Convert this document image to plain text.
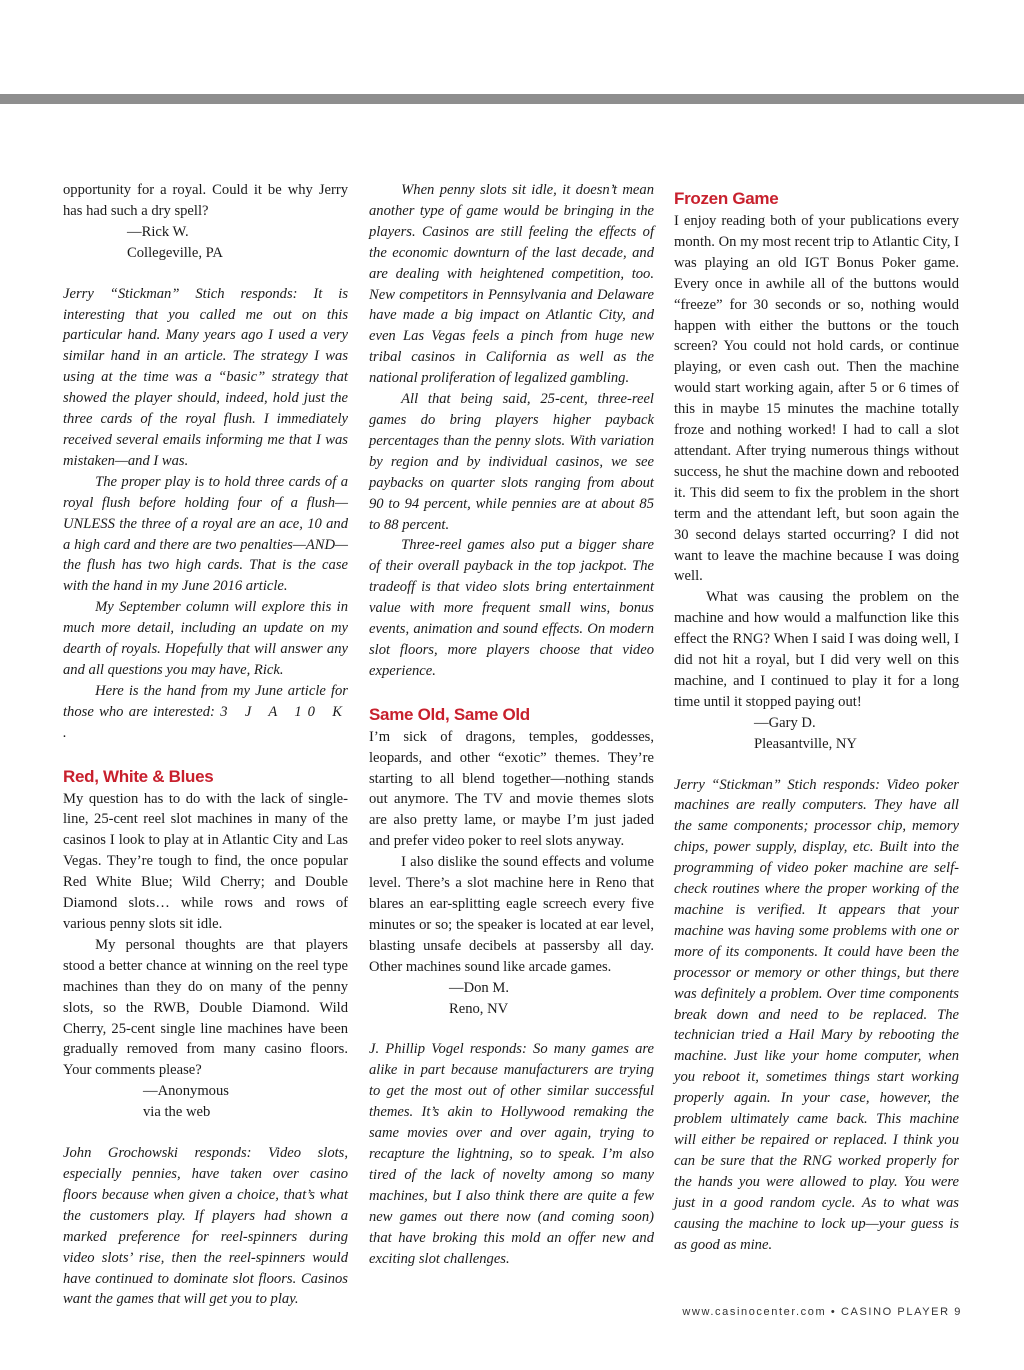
opportunity for a royal. Could it be why Jerry has had such a dry spell?

—Rick W.

Collegeville, PA

Jerry “Stickman” Stich responds: It is interesting that you called me out on this particular hand. Many years ago I used a very similar hand in an article. The strategy I was using at the time was a “basic” strategy that showed the player should, indeed, hold just the three cards of the royal flush. I immediately received several emails informing me that I was mistaken—and I was.

The proper play is to hold three cards of a royal flush before holding four of a flush—UNLESS the three of a royal are an ace, 10 and a high card and there are two penalties—AND—the flush has two high cards. That is the case with the hand in my June 2016 article.

My September column will explore this in much more detail, including an update on my dearth of royals. Hopefully that will answer any and all questions you may have, Rick.

Here is the hand from my June article for those who are interested: 3 J A 10 K .

Red, White & Blues

My question has to do with the lack of single-line, 25-cent reel slot machines in many of the casinos I look to play at in Atlantic City and Las Vegas. They’re tough to find, the once popular Red White Blue; Wild Cherry; and Double Diamond slots… while rows and rows of various penny slots sit idle.

My personal thoughts are that players stood a better chance at winning on the reel type machines than they do on many of the penny slots, so the RWB, Double Diamond. Wild Cherry, 25-cent single line machines have been gradually removed from many casino floors. Your comments please?

—Anonymous

via the web

John Grochowski responds: Video slots, especially pennies, have taken over casino floors because when given a choice, that’s what the customers play. If players had shown a marked preference for reel-spinners during video slots’ rise, then the reel-spinners would have continued to dominate slot floors. Casinos want the games that will get you to play.

When penny slots sit idle, it doesn’t mean another type of game would be bringing in the players. Casinos are still feeling the effects of the economic downturn of the last decade, and are dealing with heightened competition, too. New competitors in Pennsylvania and Delaware have made a big impact on Atlantic City, and even Las Vegas feels a pinch from huge new tribal casinos in California as well as the national proliferation of legalized gambling.

All that being said, 25-cent, three-reel games do bring players higher payback percentages than the penny slots. With variation by region and by individual casinos, we see paybacks on quarter slots ranging from about 90 to 94 percent, while pennies are at about 85 to 88 percent.

Three-reel games also put a bigger share of their overall payback in the top jackpot. The tradeoff is that video slots bring entertainment value with more frequent small wins, bonus events, animation and sound effects. On modern slot floors, more players choose that video experience.

Same Old, Same Old

I’m sick of dragons, temples, goddesses, leopards, and other “exotic” themes. They’re starting to all blend together—nothing stands out anymore. The TV and movie themes slots are also pretty lame, or maybe I’m just jaded and prefer video poker to reel slots anyway.

I also dislike the sound effects and volume level. There’s a slot machine here in Reno that blares an ear-splitting eagle screech every five minutes or so; the speaker is located at ear level, blasting unsafe decibels at passersby all day. Other machines sound like arcade games.

—Don M.

Reno, NV

J. Phillip Vogel responds: So many games are alike in part because manufacturers are trying to get the most out of other similar successful themes. It’s akin to Hollywood remaking the same movies over and over again, trying to recapture the lightning, so to speak. I’m also tired of the lack of novelty among so many machines, but I also think there are quite a few new games out there now (and coming soon) that have broking this mold an offer new and exciting slot challenges.

Frozen Game

I enjoy reading both of your publications every month. On my most recent trip to Atlantic City, I was playing an old IGT Bonus Poker game. Every once in awhile all of the buttons would “freeze” for 30 seconds or so, nothing would happen with either the buttons or the touch screen? You could not hold cards, or continue playing, or even cash out. Then the machine would start working again, after 5 or 6 times of this in maybe 15 minutes the machine totally froze and nothing worked! I had to call a slot attendant. After trying numerous things without success, he shut the machine down and rebooted it. This did seem to fix the problem in the short term and the attendant left, but soon again the 30 second delays started occurring? I did not want to leave the machine because I was doing well.

What was causing the problem on the machine and how would a malfunction like this effect the RNG? When I said I was doing well, I did not hit a royal, but I did very well on this machine, and I continued to play it for a long time until it stopped paying out!

—Gary D.

Pleasantville, NY

Jerry “Stickman” Stich responds: Video poker machines are really computers. They have all the same components; processor chip, memory chips, power supply, display, etc. Built into the programming of video poker machine are self-check routines where the proper working of the machine is verified. It appears that your machine was having some problems with one or more of its components. It could have been the processor or memory or other things, but there was definitely a problem. Over time components break down and need to be replaced. The technician tried a Hail Mary by rebooting the machine. Just like your home computer, when you reboot it, sometimes things start working properly again. In your case, however, the problem ultimately came back. This machine will either be repaired or replaced. I think you can be sure that the RNG worked properly for the hands you were allowed to play. You were just in a good random cycle. As to what was causing the machine to lock up—your guess is as good as mine.

www.casinocenter.com • CASINO PLAYER 9
